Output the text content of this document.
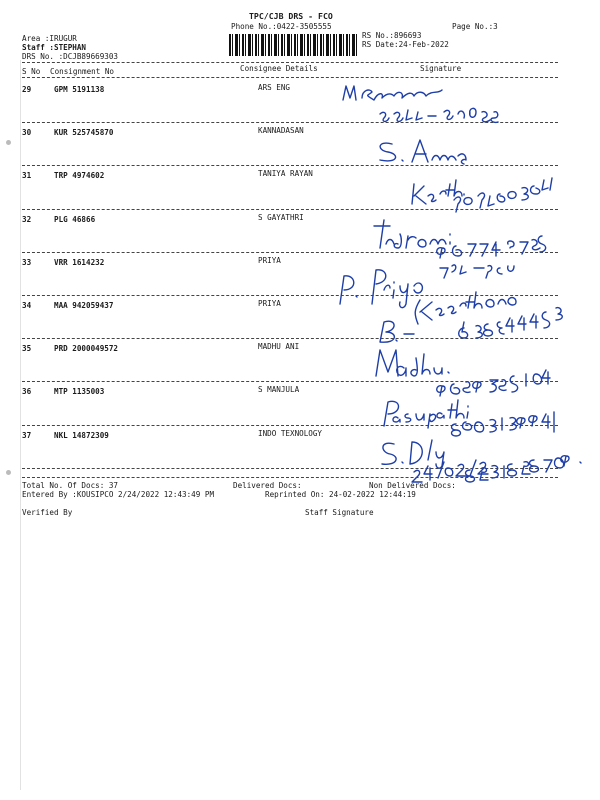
TPC/CJB DRS - FCO
Phone No.:0422-3505555	Page No.:3
RS No.:896693
RS Date:24-Feb-2022
Area :IRUGUR
Staff :STEPHAN
DRS No. :DCJB89669303
S No Consignment No	Consignee Details	Signature
29	GPM 5191138	ARS ENG
30	KUR 525745870	KANNADASAN
31	TRP 4974602	TANIYA RAYAN
32	PLG 46866	S GAYATHRI
33	VRR 1614232	PRIYA
34	MAA 942059437	PRIYA
35	PRD 2000049572	MADHU ANI
36	MTP 1135003	S MANJULA
37	NKL 14872309	INDO TEXNOLOGY
Total No. Of Docs: 37	Delivered Docs:	Non Delivered Docs:
Entered By :KOUSIPCO 2/24/2022 12:43:49 PM	Reprinted On: 24-02-2022 12:44:19
Verified By	Staff Signature
